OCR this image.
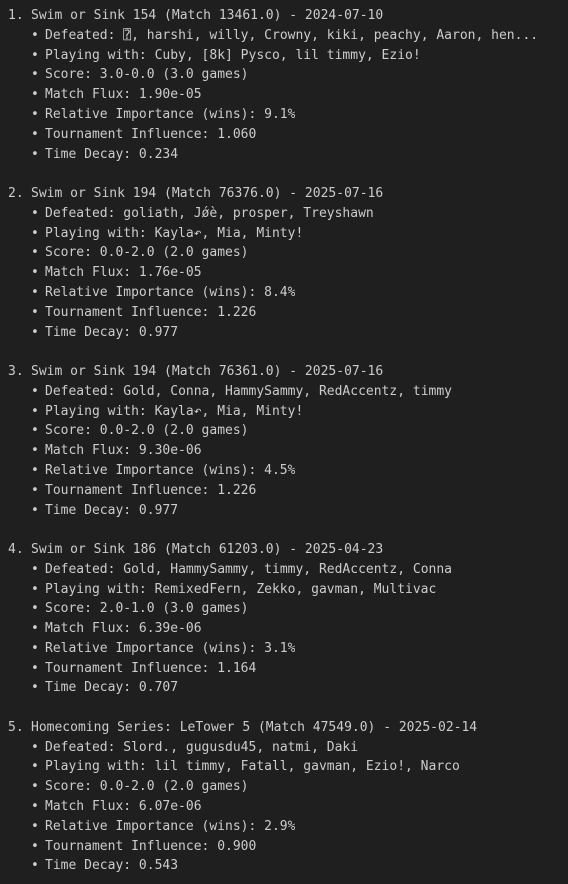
1. Swim or Sink 154 (Match 13461.0) - 2024-07-10
•
Defeated:
⍰, harshi, willy, Crowny, kiki, peachy, Aaron, hen...
•
Playing with:
Cuby, [8k] Pysco, lil timmy, Ezio!
•
Score:
3.0-0.0 (3.0 games)
•
Match Flux:
1.90e-05
•
Relative Importance (wins):
9.1%
•
Tournament Influence:
1.060
•
Time Decay:
0.234
2. Swim or Sink 194 (Match 76376.0) - 2025-07-16
•
Defeated:
goliath, Jǿè, prosper, Treyshawn
•
Playing with:
Kayla↶, Mia, Minty!
•
Score:
0.0-2.0 (2.0 games)
•
Match Flux:
1.76e-05
•
Relative Importance (wins):
8.4%
•
Tournament Influence:
1.226
•
Time Decay:
0.977
3. Swim or Sink 194 (Match 76361.0) - 2025-07-16
•
Defeated:
Gold, Conna, HammySammy, RedAccentz, timmy
•
Playing with:
Kayla↶, Mia, Minty!
•
Score:
0.0-2.0 (2.0 games)
•
Match Flux:
9.30e-06
•
Relative Importance (wins):
4.5%
•
Tournament Influence:
1.226
•
Time Decay:
0.977
4. Swim or Sink 186 (Match 61203.0) - 2025-04-23
•
Defeated:
Gold, HammySammy, timmy, RedAccentz, Conna
•
Playing with:
RemixedFern, Zekko, gavman, Multivac
•
Score:
2.0-1.0 (3.0 games)
•
Match Flux:
6.39e-06
•
Relative Importance (wins):
3.1%
•
Tournament Influence:
1.164
•
Time Decay:
0.707
5. Homecoming Series: LeTower 5 (Match 47549.0) - 2025-02-14
•
Defeated:
Slord., gugusdu45, natmi, Daki
•
Playing with:
lil timmy, Fatall, gavman, Ezio!, Narco
•
Score:
0.0-2.0 (2.0 games)
•
Match Flux:
6.07e-06
•
Relative Importance (wins):
2.9%
•
Tournament Influence:
0.900
•
Time Decay:
0.543
